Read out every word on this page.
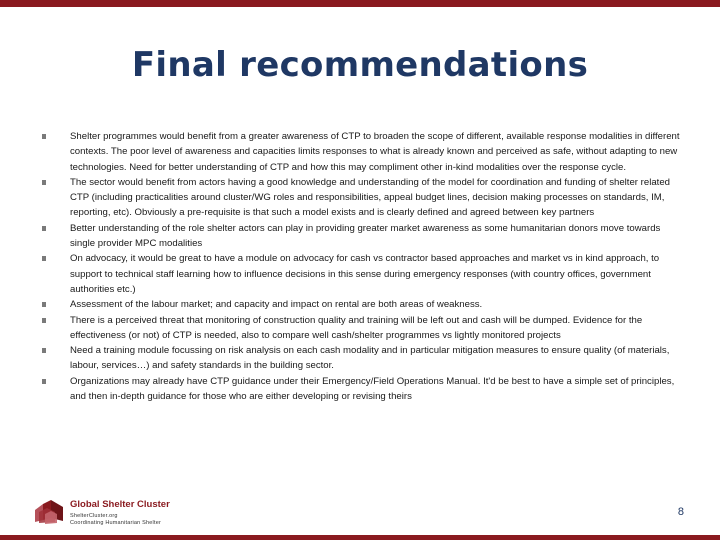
Final recommendations
Shelter programmes would benefit from a greater awareness of CTP to broaden the scope of different, available response modalities in different contexts. The poor level of awareness and capacities limits responses to what is already known and perceived as safe, without adapting to new technologies. Need for better understanding of CTP and how this may compliment other in-kind modalities over the response cycle.
The sector would benefit from actors having a good knowledge and understanding of the model for coordination and funding of shelter related CTP (including practicalities around cluster/WG roles and responsibilities, appeal budget lines, decision making processes on standards, IM, reporting, etc). Obviously a pre-requisite is that such a model exists and is clearly defined and agreed between key partners
Better understanding of the role shelter actors can play in providing greater market awareness as some humanitarian donors move towards single provider MPC modalities
On advocacy, it would be great to have a module on advocacy for cash vs contractor based approaches and market vs in kind approach, to support to technical staff learning how to influence decisions in this sense during emergency responses (with country offices, government authorities etc.)
Assessment of the labour market; and capacity and impact on rental are both areas of weakness.
There is a perceived threat that monitoring of construction quality and training will be left out and cash will be dumped. Evidence for the effectiveness (or not) of CTP is needed, also to compare well cash/shelter programmes vs lightly monitored projects
Need a training module focussing on risk analysis on each cash modality and in particular mitigation measures to ensure quality (of materials, labour, services…) and safety standards in the building sector.
Organizations may already have CTP guidance under their Emergency/Field Operations Manual. It'd be best to have a simple set of principles, and then in-depth guidance for those who are either developing or revising theirs
Global Shelter Cluster
ShelterCluster.org
Coordinating Humanitarian Shelter
8
